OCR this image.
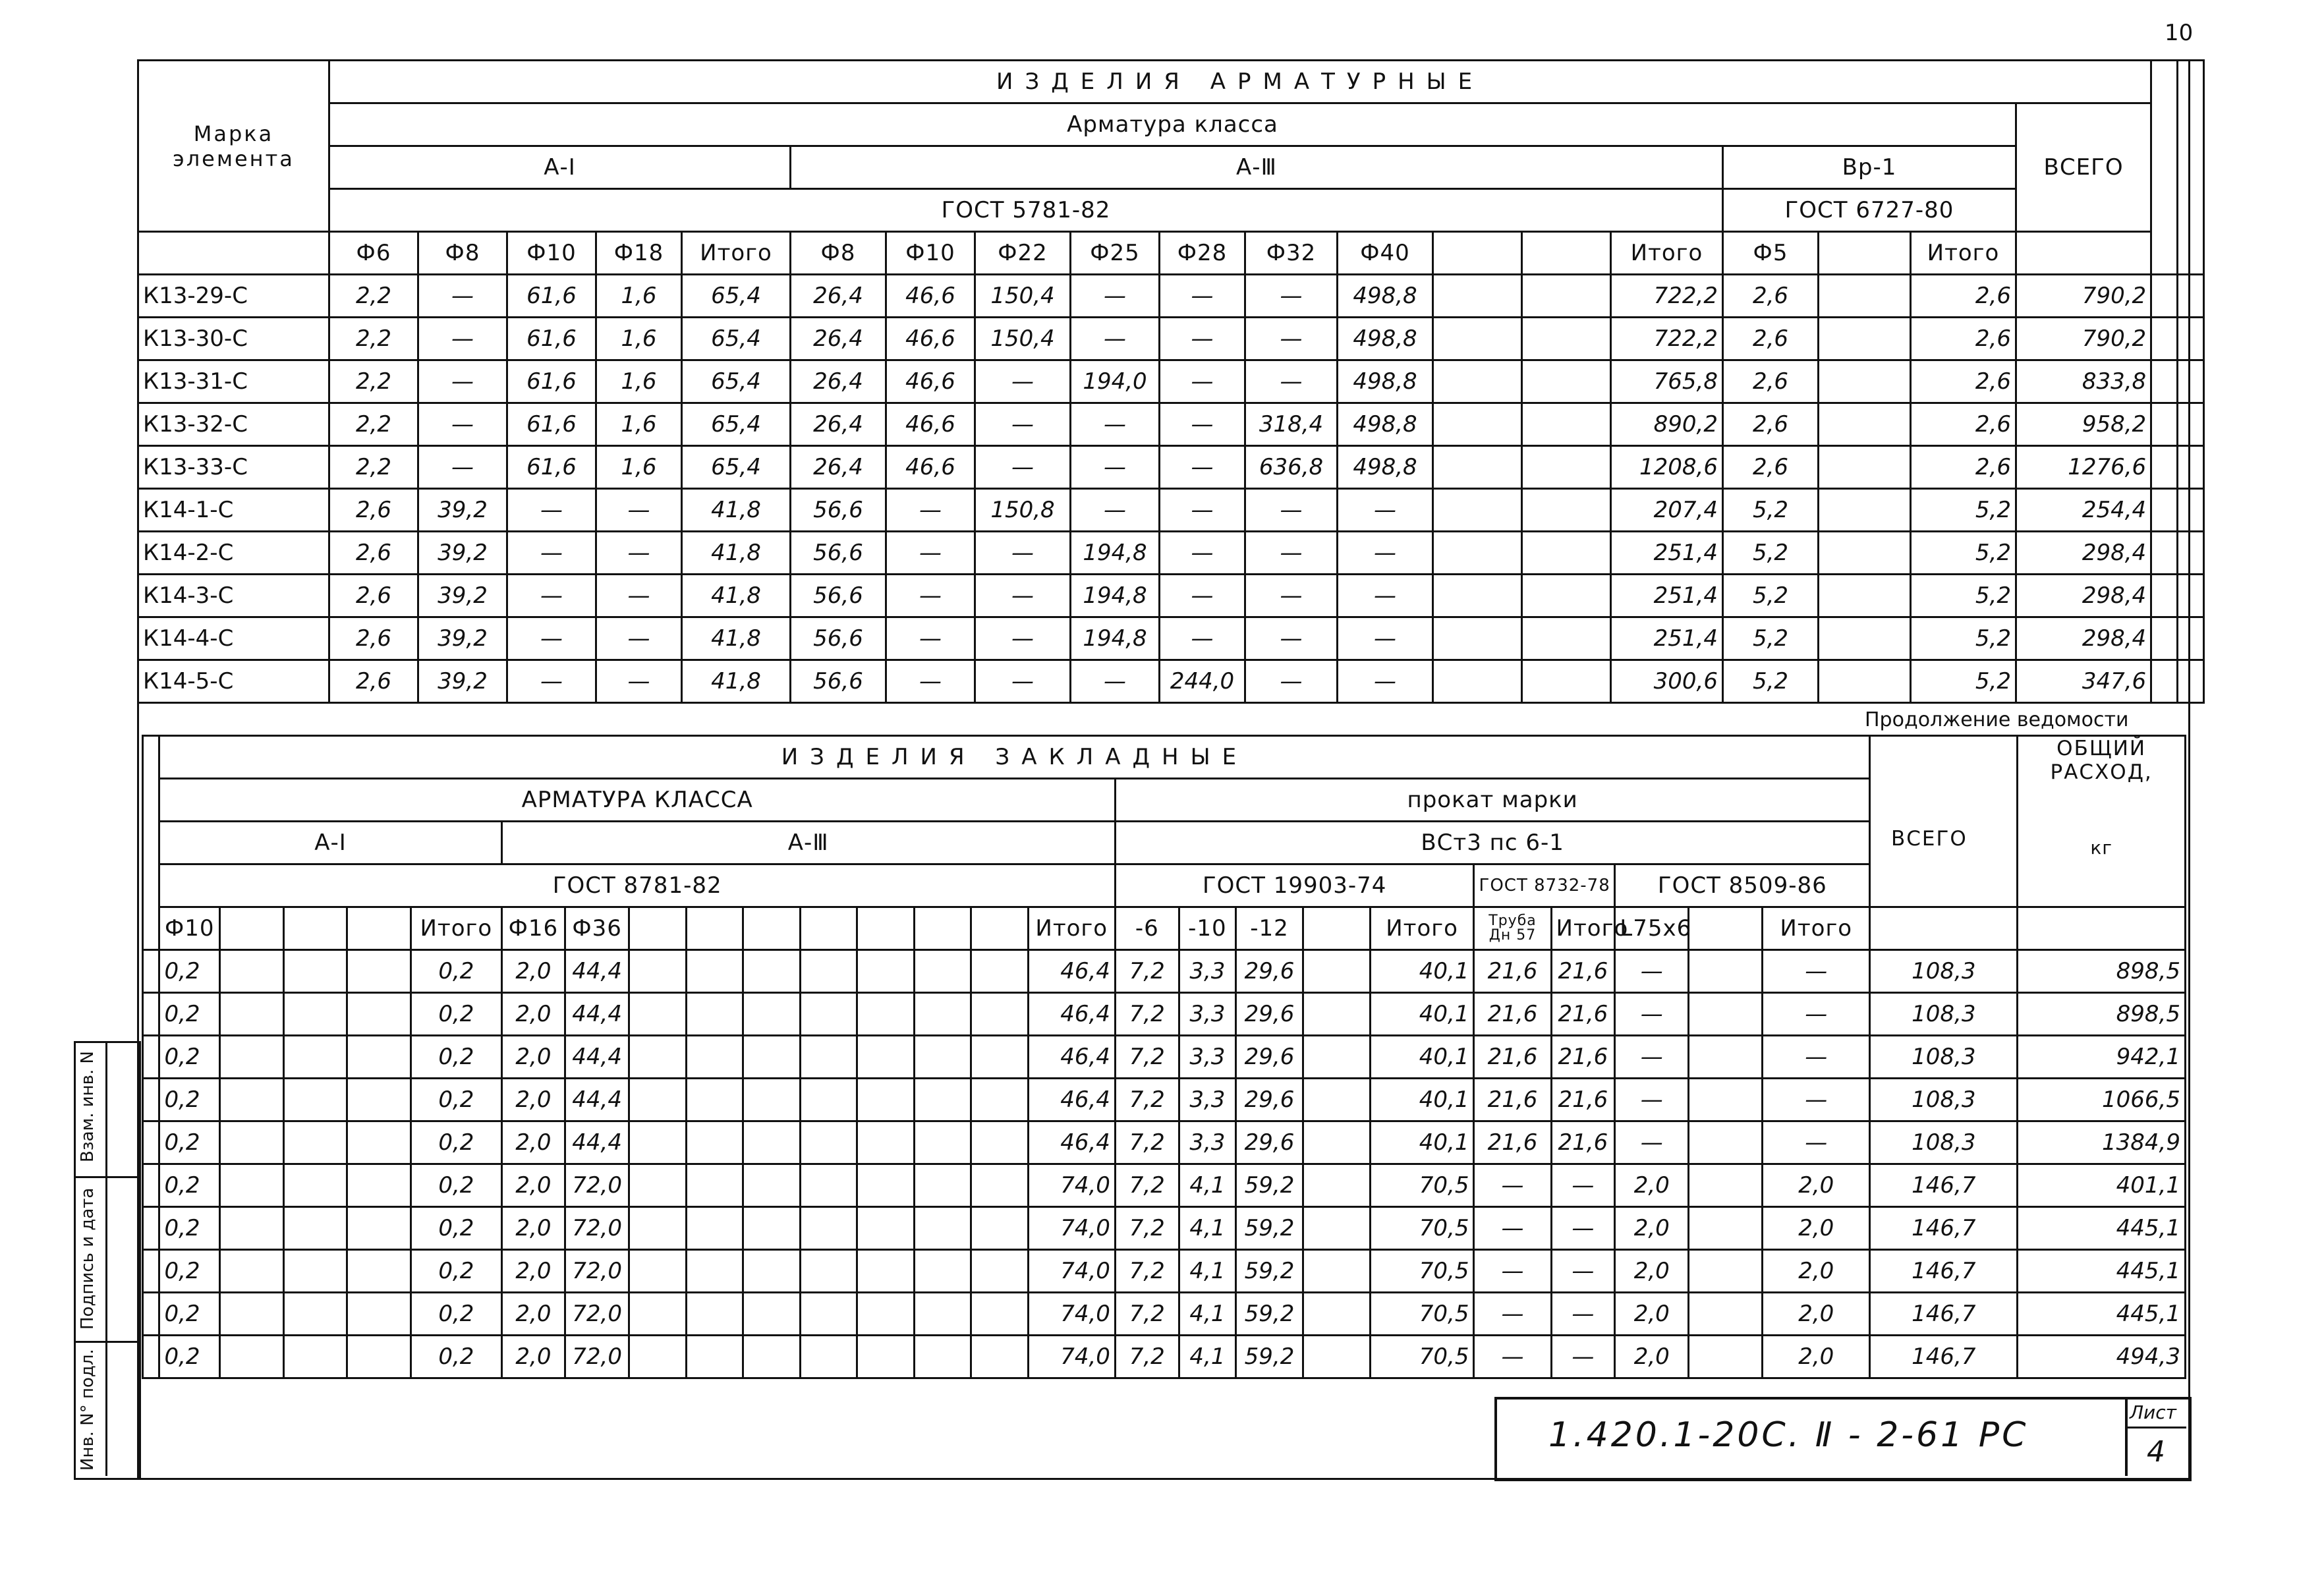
10
Марка элемента	ИЗДЕЛИЯ АРМАТУРНЫЕ																				
	Арматура класса																		ВСЕГО		
	А-I					А-Ⅲ										Вр-1					
	ГОСТ 5781-82															ГОСТ 6727-80					
	Ф6	Ф8	Ф10	Ф18	Итого	Ф8	Ф10	Ф22	Ф25	Ф28	Ф32	Ф40			Итого	Ф5		Итого			
К13-29-С	2,2	—	61,6	1,6	65,4	26,4	46,6	150,4	—	—	—	498,8			722,2	2,6		2,6	790,2		
К13-30-С	2,2	—	61,6	1,6	65,4	26,4	46,6	150,4	—	—	—	498,8			722,2	2,6		2,6	790,2		
К13-31-С	2,2	—	61,6	1,6	65,4	26,4	46,6	—	194,0	—	—	498,8			765,8	2,6		2,6	833,8		
К13-32-С	2,2	—	61,6	1,6	65,4	26,4	46,6	—	—	—	318,4	498,8			890,2	2,6		2,6	958,2		
К13-33-С	2,2	—	61,6	1,6	65,4	26,4	46,6	—	—	—	636,8	498,8			1208,6	2,6		2,6	1276,6		
К14-1-С	2,6	39,2	—	—	41,8	56,6	—	150,8	—	—	—	—			207,4	5,2		5,2	254,4		
К14-2-С	2,6	39,2	—	—	41,8	56,6	—	—	194,8	—	—	—			251,4	5,2		5,2	298,4		
К14-3-С	2,6	39,2	—	—	41,8	56,6	—	—	194,8	—	—	—			251,4	5,2		5,2	298,4		
К14-4-С	2,6	39,2	—	—	41,8	56,6	—	—	194,8	—	—	—			251,4	5,2		5,2	298,4		
К14-5-С	2,6	39,2	—	—	41,8	56,6	—	—	—	244,0	—	—			300,6	5,2		5,2	347,6		
Продолжение ведомости
	ИЗДЕЛИЯ ЗАКЛАДНЫЕ																										ОБЩИЙ РАСХОД,
кг

	АРМАТУРА КЛАССА															прокат марки											
	А-I					А-Ⅲ										ВСт3 пс 6-1											
	ГОСТ 8781-82															ГОСТ 19903-74					ГОСТ 8732-78		ГОСТ 8509-86				
	Ф10				Итого	Ф16	Ф36								Итого	-6	-10	-12		Итого	Труба Дн 57	Итого	L75х6		Итого		
	0,2				0,2	2,0	44,4								46,4	7,2	3,3	29,6		40,1	21,6	21,6	—		—	108,3	898,5
	0,2				0,2	2,0	44,4								46,4	7,2	3,3	29,6		40,1	21,6	21,6	—		—	108,3	898,5
	0,2				0,2	2,0	44,4								46,4	7,2	3,3	29,6		40,1	21,6	21,6	—		—	108,3	942,1
	0,2				0,2	2,0	44,4								46,4	7,2	3,3	29,6		40,1	21,6	21,6	—		—	108,3	1066,5
	0,2				0,2	2,0	44,4								46,4	7,2	3,3	29,6		40,1	21,6	21,6	—		—	108,3	1384,9
	0,2				0,2	2,0	72,0								74,0	7,2	4,1	59,2		70,5	—	—	2,0		2,0	146,7	401,1
	0,2				0,2	2,0	72,0								74,0	7,2	4,1	59,2		70,5	—	—	2,0		2,0	146,7	445,1
	0,2				0,2	2,0	72,0								74,0	7,2	4,1	59,2		70,5	—	—	2,0		2,0	146,7	445,1
	0,2				0,2	2,0	72,0								74,0	7,2	4,1	59,2		70,5	—	—	2,0		2,0	146,7	445,1
	0,2				0,2	2,0	72,0								74,0	7,2	4,1	59,2		70,5	—	—	2,0		2,0	146,7	494,3
ВСЕГО
Взам. инв. N
Подпись и дата
Инв. N° подл.	1.420.1-20С. Ⅱ - 2-61 РС
Лист
4
